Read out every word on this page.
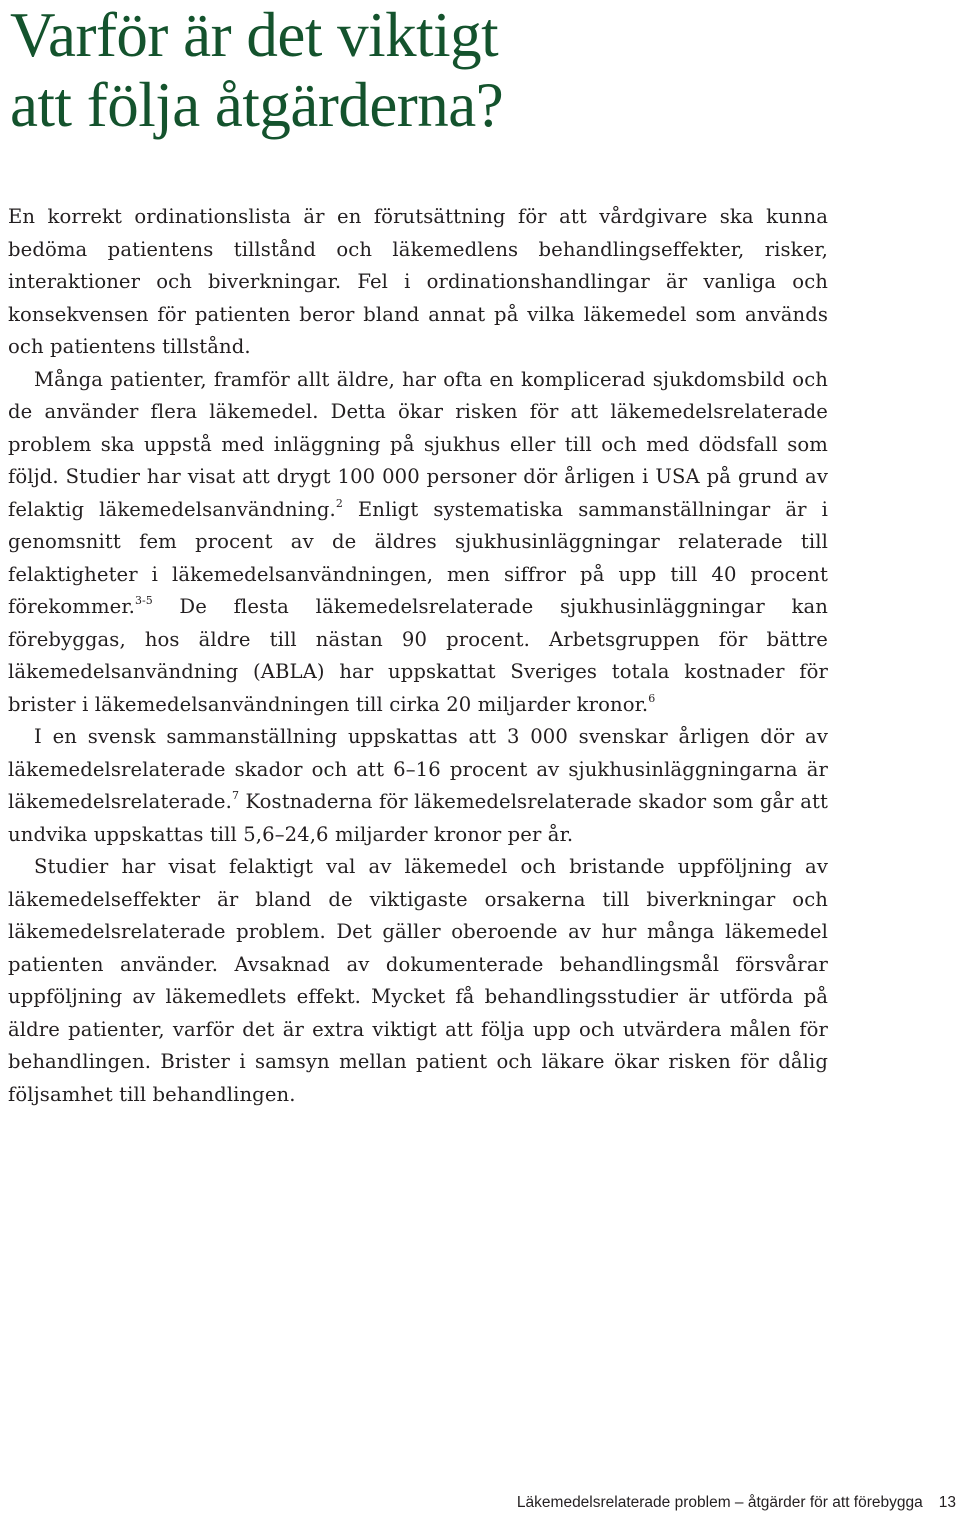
Varför är det viktigt
att följa åtgärderna?

En korrekt ordinationslista är en förutsättning för att vårdgivare ska kunna bedöma patientens tillstånd och läkemedlens behandlingseffekter, risker, interaktioner och biverkningar. Fel i ordinationshandlingar är vanliga och konsekvensen för patienten beror bland annat på vilka läkemedel som används och patientens tillstånd.

Många patienter, framför allt äldre, har ofta en komplicerad sjukdomsbild och de använder flera läkemedel. Detta ökar risken för att läkemedelsrelaterade problem ska uppstå med inläggning på sjukhus eller till och med dödsfall som följd. Studier har visat att drygt 100 000 personer dör årligen i USA på grund av felaktig läkemedelsanvändning.$^2$ Enligt systematiska sammanställningar är i genomsnitt fem procent av de äldres sjukhusinläggningar relaterade till felaktigheter i läkemedelsanvändningen, men siffror på upp till 40 procent förekommer.$^{3-5}$ De flesta läkemedelsrelaterade sjukhusinläggningar kan förebyggas, hos äldre till nästan 90 procent. Arbetsgruppen för bättre läkemedelsanvändning (ABLA) har uppskattat Sveriges totala kostnader för brister i läkemedelsanvändningen till cirka 20 miljarder kronor.$^6$

I en svensk sammanställning uppskattas att 3 000 svenskar årligen dör av läkemedelsrelaterade skador och att 6–16 procent av sjukhusinläggningarna är läkemedelsrelaterade.$^7$ Kostnaderna för läkemedelsrelaterade skador som går att undvika uppskattas till 5,6–24,6 miljarder kronor per år.

Studier har visat felaktigt val av läkemedel och bristande uppföljning av läkemedelseffekter är bland de viktigaste orsakerna till biverkningar och läkemedelsrelaterade problem. Det gäller oberoende av hur många läkemedel patienten använder. Avsaknad av dokumenterade behandlingsmål försvårar uppföljning av läkemedlets effekt. Mycket få behandlingsstudier är utförda på äldre patienter, varför det är extra viktigt att följa upp och utvärdera målen för behandlingen. Brister i samsyn mellan patient och läkare ökar risken för dålig följsamhet till behandlingen.

Läkemedelsrelaterade problem – åtgärder för att förebygga 13
